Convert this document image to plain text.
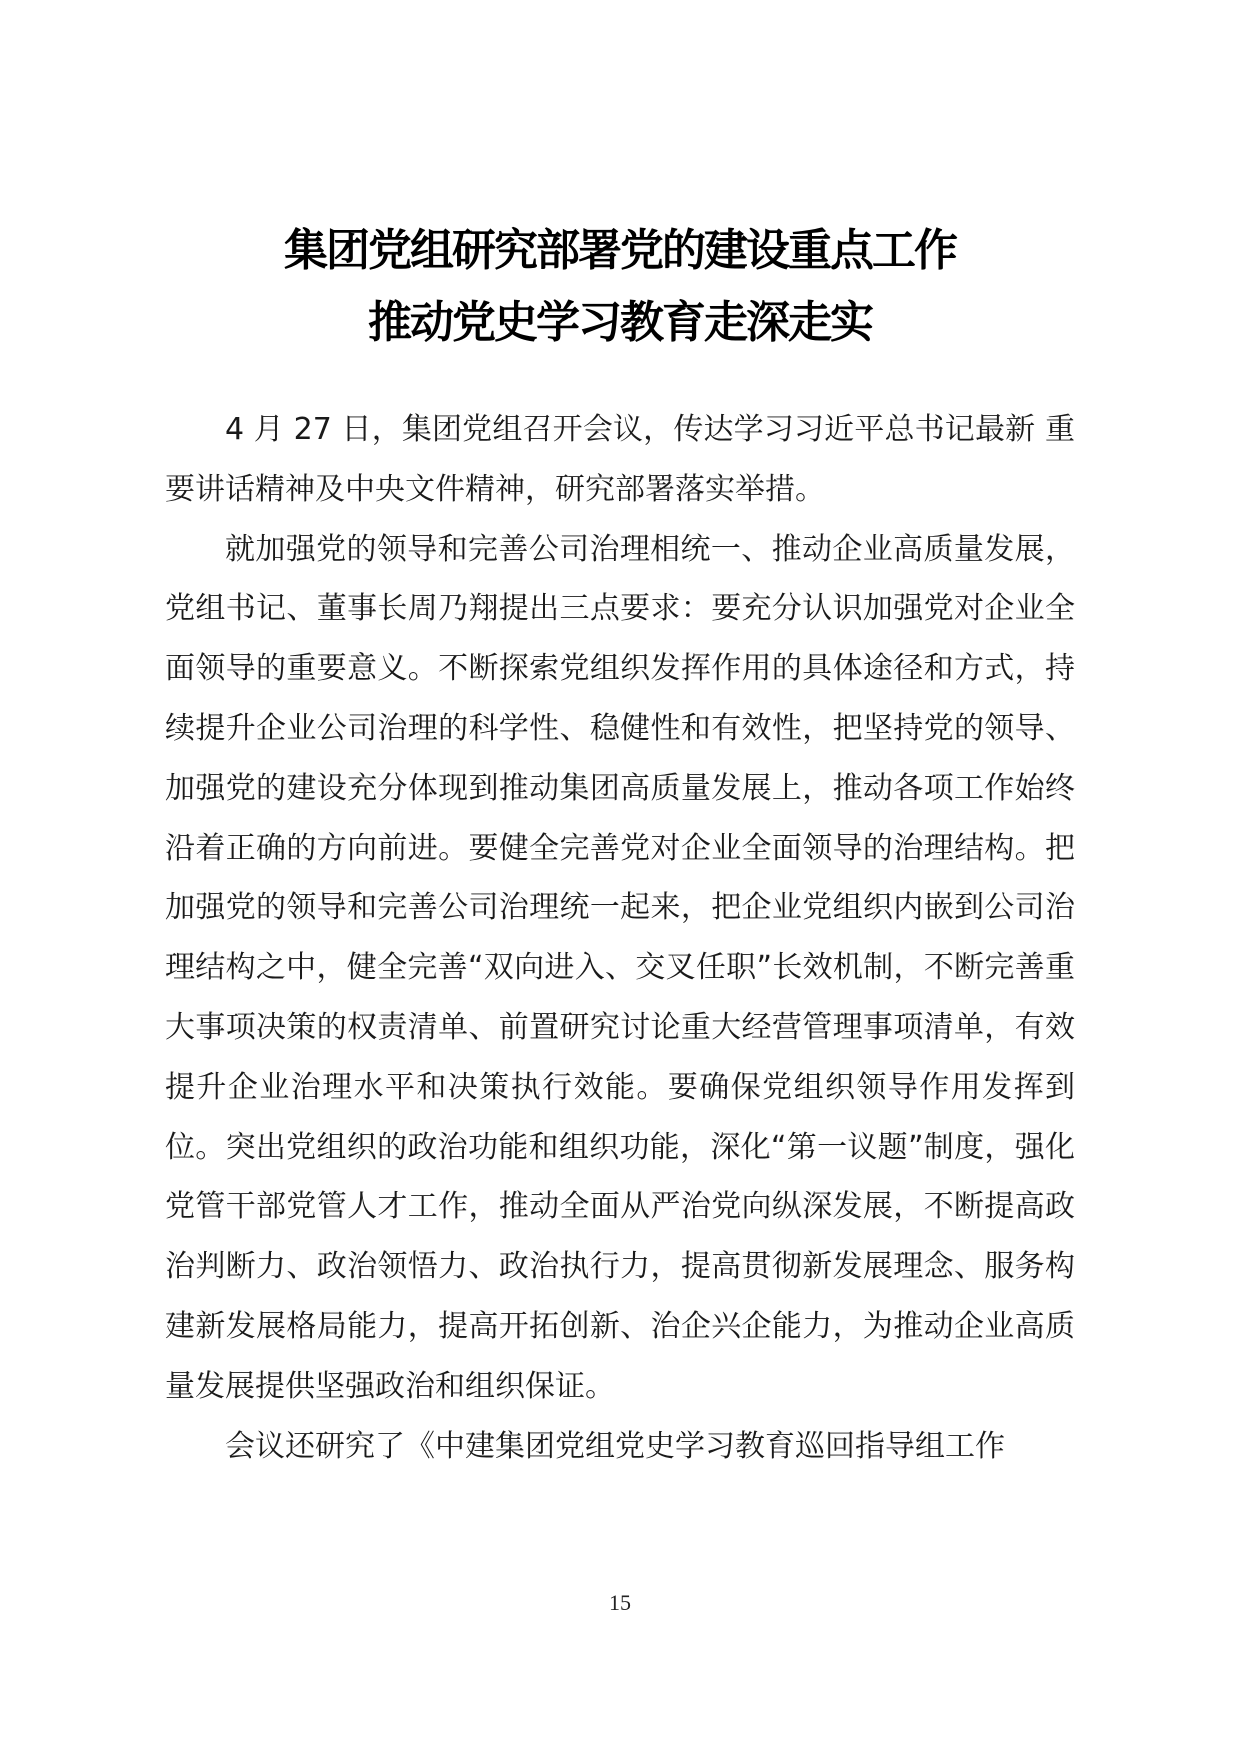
集团党组研究部署党的建设重点工作
推动党史学习教育走深走实

4 月 27 日，集团党组召开会议，传达学习习近平总书记最新 重要讲话精神及中央文件精神，研究部署落实举措。

就加强党的领导和完善公司治理相统一、推动企业高质量发展，党组书记、董事长周乃翔提出三点要求：要充分认识加强党对企业全面领导的重要意义。不断探索党组织发挥作用的具体途径和方式，持续提升企业公司治理的科学性、稳健性和有效性，把坚持党的领导、加强党的建设充分体现到推动集团高质量发展上，推动各项工作始终沿着正确的方向前进。要健全完善党对企业全面领导的治理结构。把加强党的领导和完善公司治理统一起来，把企业党组织内嵌到公司治理结构之中，健全完善“双向进入、交叉任职”长效机制，不断完善重大事项决策的权责清单、前置研究讨论重大经营管理事项清单，有效提升企业治理水平和决策执行效能。要确保党组织领导作用发挥到位。突出党组织的政治功能和组织功能，深化“第一议题”制度，强化党管干部党管人才工作，推动全面从严治党向纵深发展，不断提高政治判断力、政治领悟力、政治执行力，提高贯彻新发展理念、服务构建新发展格局能力，提高开拓创新、治企兴企能力，为推动企业高质量发展提供坚强政治和组织保证。

会议还研究了《中建集团党组党史学习教育巡回指导组工作

15
